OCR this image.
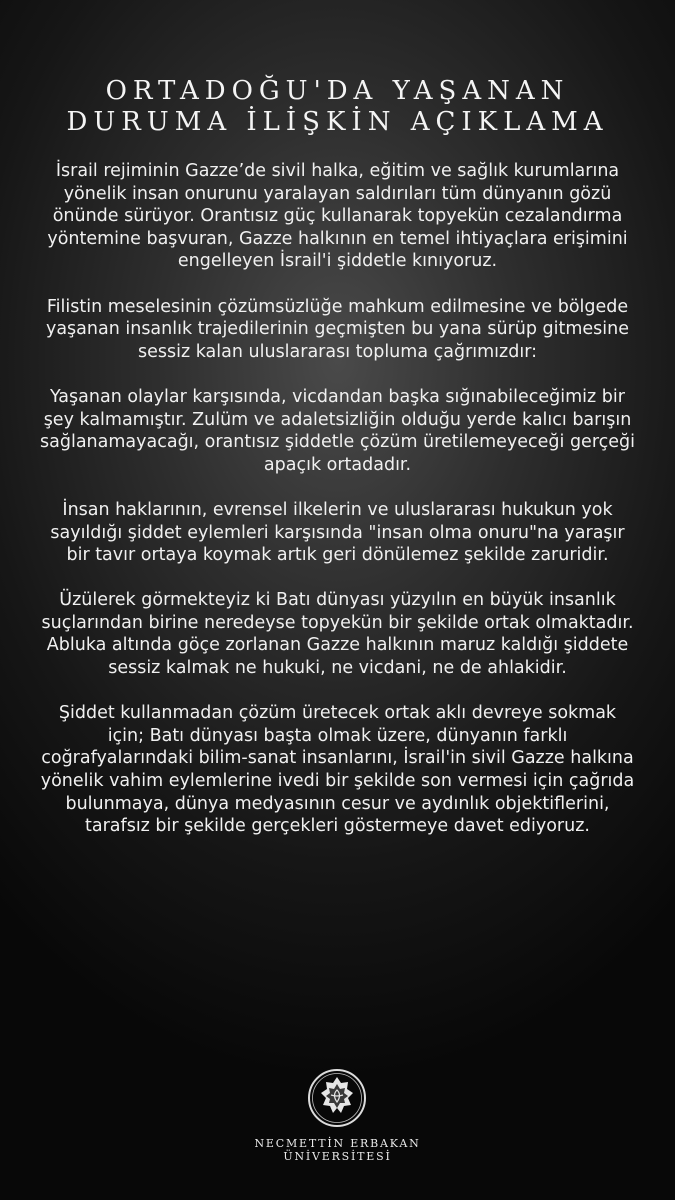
ORTADOĞU'DA YAŞANAN
DURUMA İLİŞKİN AÇIKLAMA

İsrail rejiminin Gazze’de sivil halka, eğitim ve sağlık kurumlarına yönelik insan onurunu yaralayan saldırıları tüm dünyanın gözü önünde sürüyor. Orantısız güç kullanarak topyekün cezalandırma yöntemine başvuran, Gazze halkının en temel ihtiyaçlara erişimini engelleyen İsrail'i şiddetle kınıyoruz.

Filistin meselesinin çözümsüzlüğe mahkum edilmesine ve bölgede yaşanan insanlık trajedilerinin geçmişten bu yana sürüp gitmesine sessiz kalan uluslararası topluma çağrımızdır:

Yaşanan olaylar karşısında, vicdandan başka sığınabileceğimiz bir şey kalmamıştır. Zulüm ve adaletsizliğin olduğu yerde kalıcı barışın sağlanamayacağı, orantısız şiddetle çözüm üretilemeyeceği gerçeği apaçık ortadadır.

İnsan haklarının, evrensel ilkelerin ve uluslararası hukukun yok sayıldığı şiddet eylemleri karşısında "insan olma onuru"na yaraşır bir tavır ortaya koymak artık geri dönülemez şekilde zaruridir.

Üzülerek görmekteyiz ki Batı dünyası yüzyılın en büyük insanlık suçlarından birine neredeyse topyekün bir şekilde ortak olmaktadır. Abluka altında göçe zorlanan Gazze halkının maruz kaldığı şiddete sessiz kalmak ne hukuki, ne vicdani, ne de ahlakidir.

Şiddet kullanmadan çözüm üretecek ortak aklı devreye sokmak için; Batı dünyası başta olmak üzere, dünyanın farklı coğrafyalarındaki bilim-sanat insanlarını, İsrail'in sivil Gazze halkına yönelik vahim eylemlerine ivedi bir şekilde son vermesi için çağrıda bulunmaya, dünya medyasının cesur ve aydınlık objektiflerini, tarafsız bir şekilde gerçekleri göstermeye davet ediyoruz.

NECMETTİN ERBAKAN
ÜNİVERSİTESİ
